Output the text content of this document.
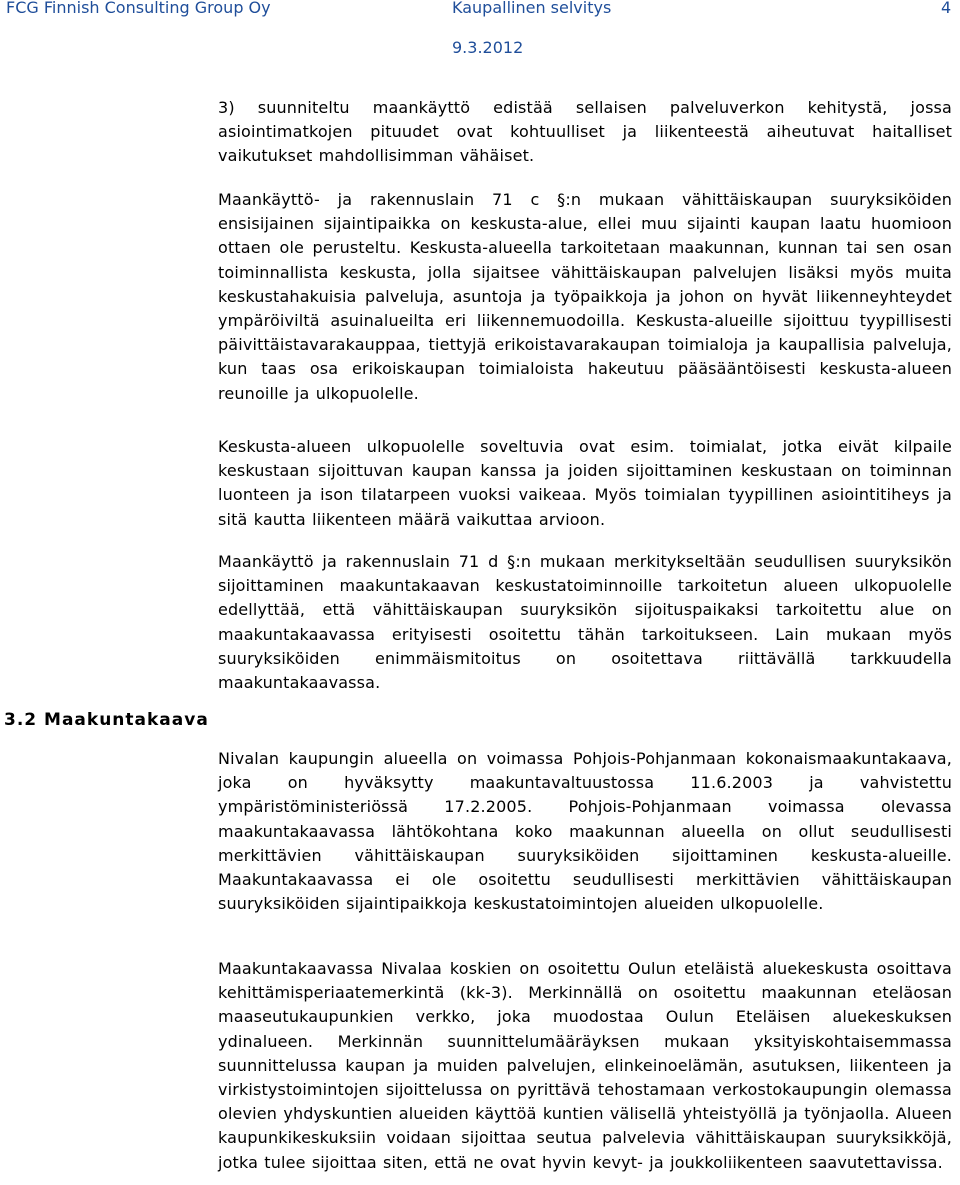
FCG Finnish Consulting Group Oy	Kaupallinen selvitys	4
9.3.2012
3.2 Maakuntakaava

3) suunniteltu maankäyttö edistää sellaisen palveluverkon kehitystä, jossa asiointimatkojen pituudet ovat kohtuulliset ja liikenteestä aiheutuvat haitalliset vaikutukset mahdollisimman vähäiset.

Maankäyttö- ja rakennuslain 71 c §:n mukaan vähittäiskaupan suuryksiköiden ensisijainen sijaintipaikka on keskusta-alue, ellei muu sijainti kaupan laatu huomioon ottaen ole perusteltu. Keskusta-alueella tarkoitetaan maakunnan, kunnan tai sen osan toiminnallista keskusta, jolla sijaitsee vähittäiskaupan palvelujen lisäksi myös muita keskustahakuisia palveluja, asuntoja ja työpaikkoja ja johon on hyvät liikenneyhteydet ympäröiviltä asuinalueilta eri liikennemuodoilla. Keskusta-alueille sijoittuu tyypillisesti päivittäistavarakauppaa, tiettyjä erikoistavarakaupan toimialoja ja kaupallisia palveluja, kun taas osa erikoiskaupan toimialoista hakeutuu pääsääntöisesti keskusta-alueen reunoille ja ulkopuolelle.

Keskusta-alueen ulkopuolelle soveltuvia ovat esim. toimialat, jotka eivät kilpaile keskustaan sijoittuvan kaupan kanssa ja joiden sijoittaminen keskustaan on toiminnan luonteen ja ison tilatarpeen vuoksi vaikeaa. Myös toimialan tyypillinen asiointitiheys ja sitä kautta liikenteen määrä vaikuttaa arvioon.

Maankäyttö ja rakennuslain 71 d §:n mukaan merkitykseltään seudullisen suuryksikön sijoittaminen maakuntakaavan keskustatoiminnoille tarkoitetun alueen ulkopuolelle edellyttää, että vähittäiskaupan suuryksikön sijoituspaikaksi tarkoitettu alue on maakuntakaavassa erityisesti osoitettu tähän tarkoitukseen. Lain mukaan myös suuryksiköiden enimmäismitoitus on osoitettava riittävällä tarkkuudella maakuntakaavassa.

Nivalan kaupungin alueella on voimassa Pohjois-Pohjanmaan kokonaismaakuntakaava, joka on hyväksytty maakuntavaltuustossa 11.6.2003 ja vahvistettu ympäristöministeriössä 17.2.2005. Pohjois-Pohjanmaan voimassa olevassa maakuntakaavassa lähtökohtana koko maakunnan alueella on ollut seudullisesti merkittävien vähittäiskaupan suuryksiköiden sijoittaminen keskusta-alueille. Maakuntakaavassa ei ole osoitettu seudullisesti merkittävien vähittäiskaupan suuryksiköiden sijaintipaikkoja keskustatoimintojen alueiden ulkopuolelle.

Maakuntakaavassa Nivalaa koskien on osoitettu Oulun eteläistä aluekeskusta osoittava kehittämisperiaatemerkintä (kk-3). Merkinnällä on osoitettu maakunnan eteläosan maaseutukaupunkien verkko, joka muodostaa Oulun Eteläisen aluekeskuksen ydinalueen. Merkinnän suunnittelumääräyksen mukaan yksityiskohtaisemmassa suunnittelussa kaupan ja muiden palvelujen, elinkeinoelämän, asutuksen, liikenteen ja virkistystoimintojen sijoittelussa on pyrittävä tehostamaan verkostokaupungin olemassa olevien yhdyskuntien alueiden käyttöä kuntien välisellä yhteistyöllä ja työnjaolla. Alueen kaupunkikeskuksiin voidaan sijoittaa seutua palvelevia vähittäiskaupan suuryksikköjä, jotka tulee sijoittaa siten, että ne ovat hyvin kevyt- ja joukkoliikenteen saavutettavissa.
